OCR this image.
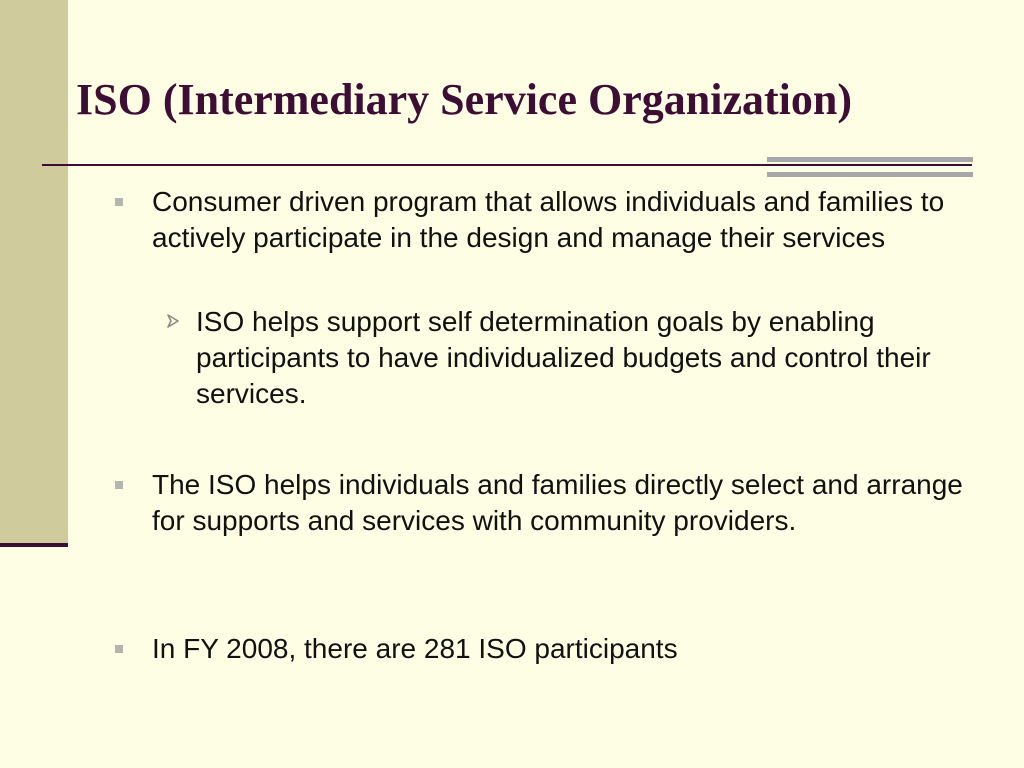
ISO (Intermediary Service Organization)
Consumer driven program that allows individuals and families to actively participate in the design and manage their services
ISO helps support self determination goals by enabling participants to have individualized budgets and control their services.
The ISO helps individuals and families directly select and arrange for supports and services with community providers.
In FY 2008, there are 281 ISO participants
